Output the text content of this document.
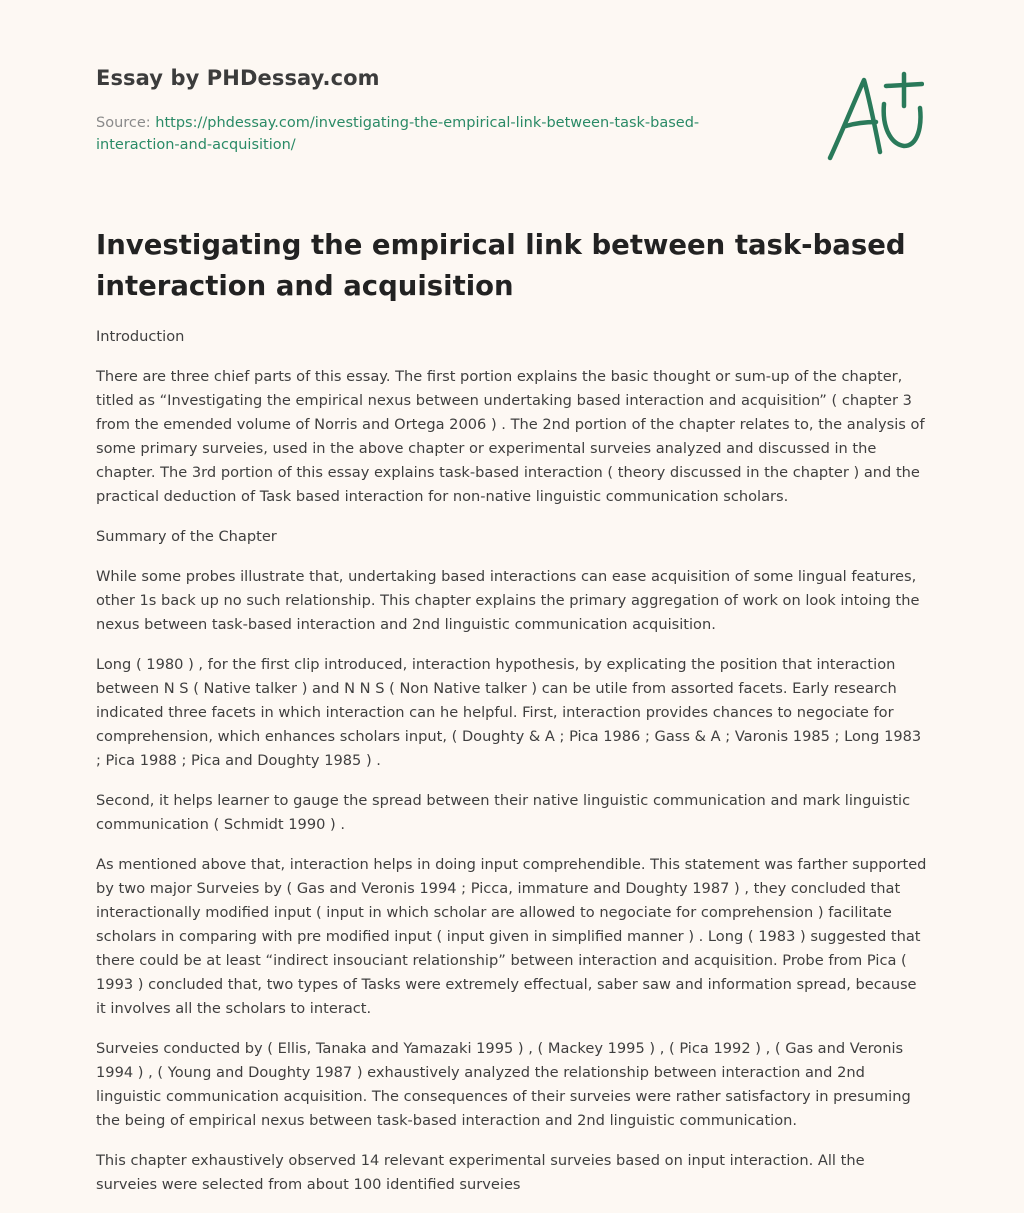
Essay by PHDessay.com
Source: https://phdessay.com/investigating-the-empirical-link-between-task-based-interaction-and-acquisition/
Investigating the empirical link between task-based interaction and acquisition

Introduction

There are three chief parts of this essay. The first portion explains the basic thought or sum-up of the chapter, titled as “Investigating the empirical nexus between undertaking based interaction and acquisition” ( chapter 3 from the emended volume of Norris and Ortega 2006 ) . The 2nd portion of the chapter relates to, the analysis of some primary surveies, used in the above chapter or experimental surveies analyzed and discussed in the chapter. The 3rd portion of this essay explains task-based interaction ( theory discussed in the chapter ) and the practical deduction of Task based interaction for non-native linguistic communication scholars.

Summary of the Chapter

While some probes illustrate that, undertaking based interactions can ease acquisition of some lingual features, other 1s back up no such relationship. This chapter explains the primary aggregation of work on look intoing the nexus between task-based interaction and 2nd linguistic communication acquisition.

Long ( 1980 ) , for the first clip introduced, interaction hypothesis, by explicating the position that interaction between N S ( Native talker ) and N N S ( Non Native talker ) can be utile from assorted facets. Early research indicated three facets in which interaction can he helpful. First, interaction provides chances to negociate for comprehension, which enhances scholars input, ( Doughty & A ; Pica 1986 ; Gass & A ; Varonis 1985 ; Long 1983 ; Pica 1988 ; Pica and Doughty 1985 ) .

Second, it helps learner to gauge the spread between their native linguistic communication and mark linguistic communication ( Schmidt 1990 ) .

As mentioned above that, interaction helps in doing input comprehendible. This statement was farther supported by two major Surveies by ( Gas and Veronis 1994 ; Picca, immature and Doughty 1987 ) , they concluded that interactionally modified input ( input in which scholar are allowed to negociate for comprehension ) facilitate scholars in comparing with pre modified input ( input given in simplified manner ) . Long ( 1983 ) suggested that there could be at least “indirect insouciant relationship” between interaction and acquisition. Probe from Pica ( 1993 ) concluded that, two types of Tasks were extremely effectual, saber saw and information spread, because it involves all the scholars to interact.

Surveies conducted by ( Ellis, Tanaka and Yamazaki 1995 ) , ( Mackey 1995 ) , ( Pica 1992 ) , ( Gas and Veronis 1994 ) , ( Young and Doughty 1987 ) exhaustively analyzed the relationship between interaction and 2nd linguistic communication acquisition. The consequences of their surveies were rather satisfactory in presuming the being of empirical nexus between task-based interaction and 2nd linguistic communication.

This chapter exhaustively observed 14 relevant experimental surveies based on input interaction. All the surveies were selected from about 100 identified surveies
